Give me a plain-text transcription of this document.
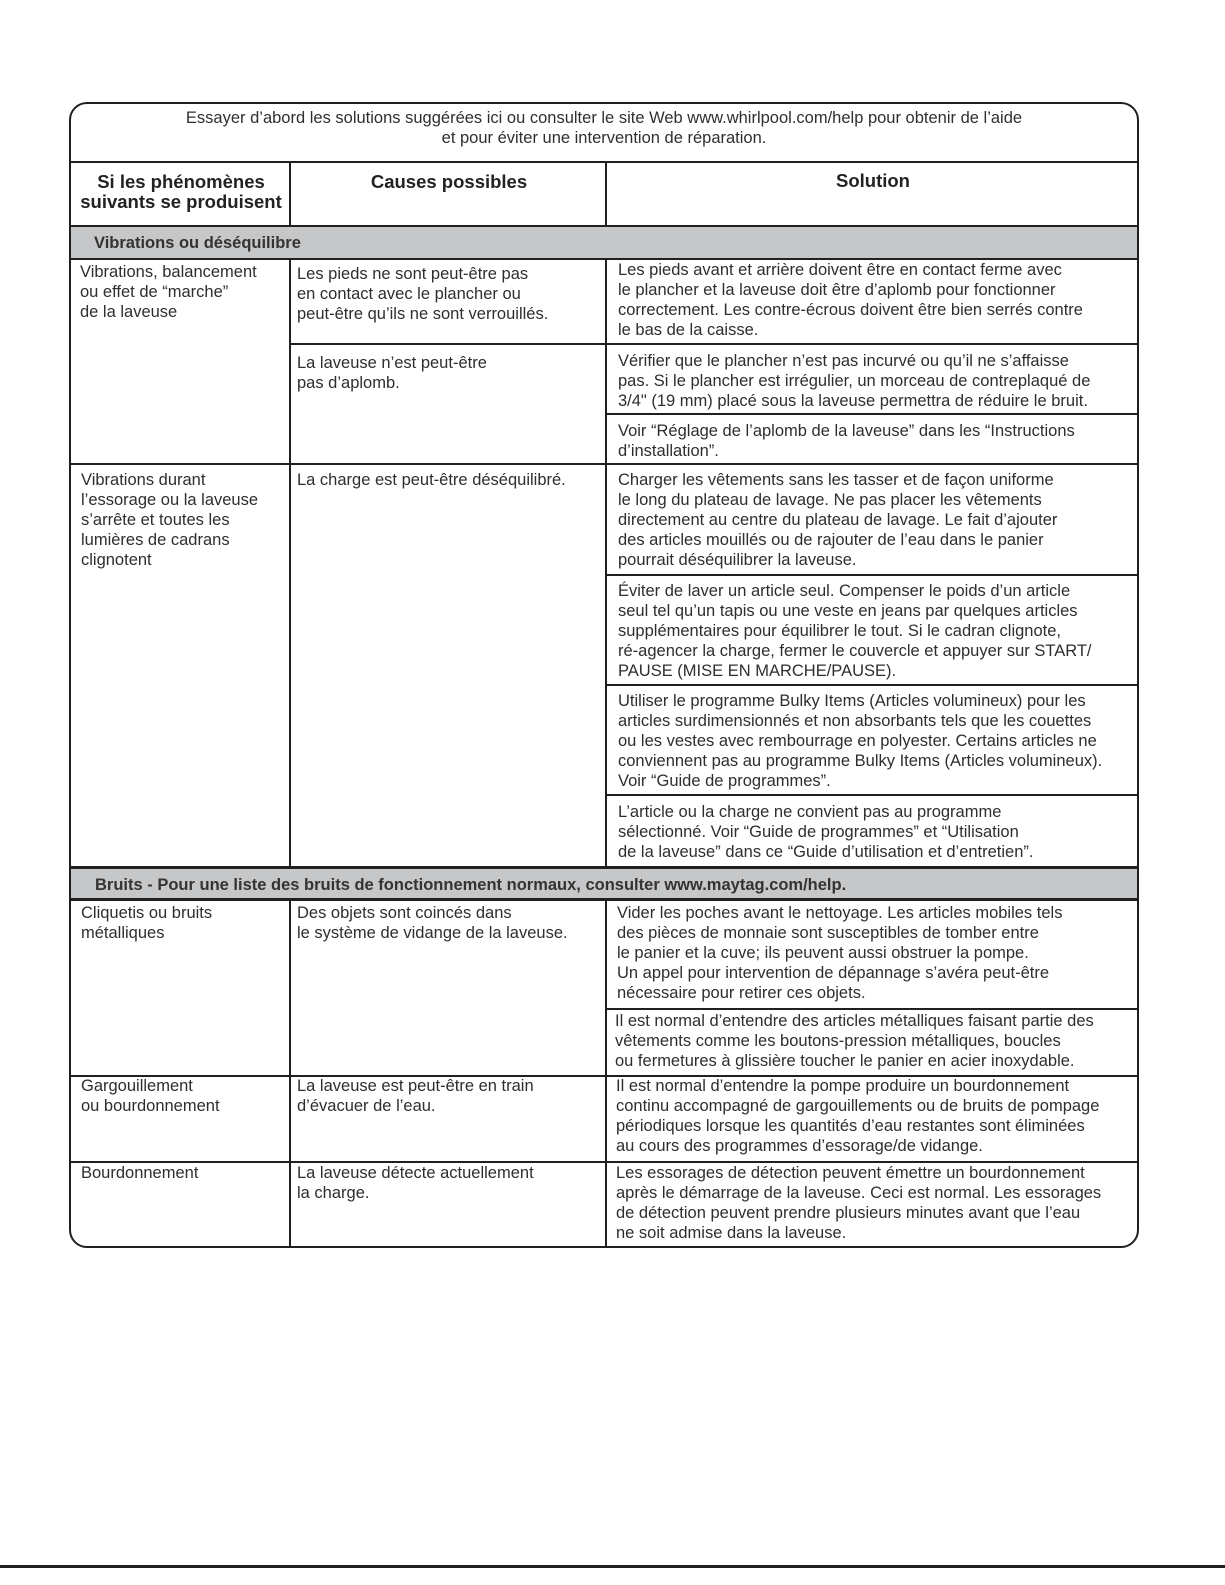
Essayer d’abord les solutions suggérées ici ou consulter le site Web www.whirlpool.com/help pour obtenir de l’aide
et pour éviter une intervention de réparation.
Si les phénomènes
suivants se produisent
Causes possibles	Solution
Vibrations ou déséquilibre
Vibrations, balancement
ou effet de “marche”
de la laveuse
Vibrations durant
l’essorage ou la laveuse
s’arrête et toutes les
lumières de cadrans
clignotent
Les pieds ne sont peut-être pas
en contact avec le plancher ou
peut-être qu’ils ne sont verrouillés.
La laveuse n’est peut-être
pas d’aplomb.
La charge est peut-être déséquilibré.
Les pieds avant et arrière doivent être en contact ferme avec
le plancher et la laveuse doit être d’aplomb pour fonctionner
correctement. Les contre-écrous doivent être bien serrés contre
le bas de la caisse.
Vérifier que le plancher n’est pas incurvé ou qu’il ne s’affaisse
pas. Si le plancher est irrégulier, un morceau de contreplaqué de
3/4" (19 mm) placé sous la laveuse permettra de réduire le bruit.
Voir “Réglage de l’aplomb de la laveuse” dans les “Instructions
d’installation”.
Charger les vêtements sans les tasser et de façon uniforme
le long du plateau de lavage. Ne pas placer les vêtements
directement au centre du plateau de lavage. Le fait d’ajouter
des articles mouillés ou de rajouter de l’eau dans le panier
pourrait déséquilibrer la laveuse.
Éviter de laver un article seul. Compenser le poids d’un article
seul tel qu’un tapis ou une veste en jeans par quelques articles
supplémentaires pour équilibrer le tout. Si le cadran clignote,
ré-agencer la charge, fermer le couvercle et appuyer sur START/
PAUSE (MISE EN MARCHE/PAUSE).
Utiliser le programme Bulky Items (Articles volumineux) pour les
articles surdimensionnés et non absorbants tels que les couettes
ou les vestes avec rembourrage en polyester. Certains articles ne
conviennent pas au programme Bulky Items (Articles volumineux).
Voir “Guide de programmes”.
L’article ou la charge ne convient pas au programme
sélectionné. Voir “Guide de programmes” et “Utilisation
de la laveuse” dans ce “Guide d’utilisation et d’entretien”.
Bruits - Pour une liste des bruits de fonctionnement normaux, consulter www.maytag.com/help.
Cliquetis ou bruits
métalliques
Gargouillement
ou bourdonnement
Bourdonnement
Des objets sont coincés dans
le système de vidange de la laveuse.
La laveuse est peut-être en train
d’évacuer de l’eau.
La laveuse détecte actuellement
la charge.
Vider les poches avant le nettoyage. Les articles mobiles tels
des pièces de monnaie sont susceptibles de tomber entre
le panier et la cuve; ils peuvent aussi obstruer la pompe.
Un appel pour intervention de dépannage s’avéra peut-être
nécessaire pour retirer ces objets.
Il est normal d’entendre des articles métalliques faisant partie des
vêtements comme les boutons-pression métalliques, boucles
ou fermetures à glissière toucher le panier en acier inoxydable.
Il est normal d’entendre la pompe produire un bourdonnement
continu accompagné de gargouillements ou de bruits de pompage
périodiques lorsque les quantités d’eau restantes sont éliminées
au cours des programmes d’essorage/de vidange.
Les essorages de détection peuvent émettre un bourdonnement
après le démarrage de la laveuse. Ceci est normal. Les essorages
de détection peuvent prendre plusieurs minutes avant que l’eau
ne soit admise dans la laveuse.
